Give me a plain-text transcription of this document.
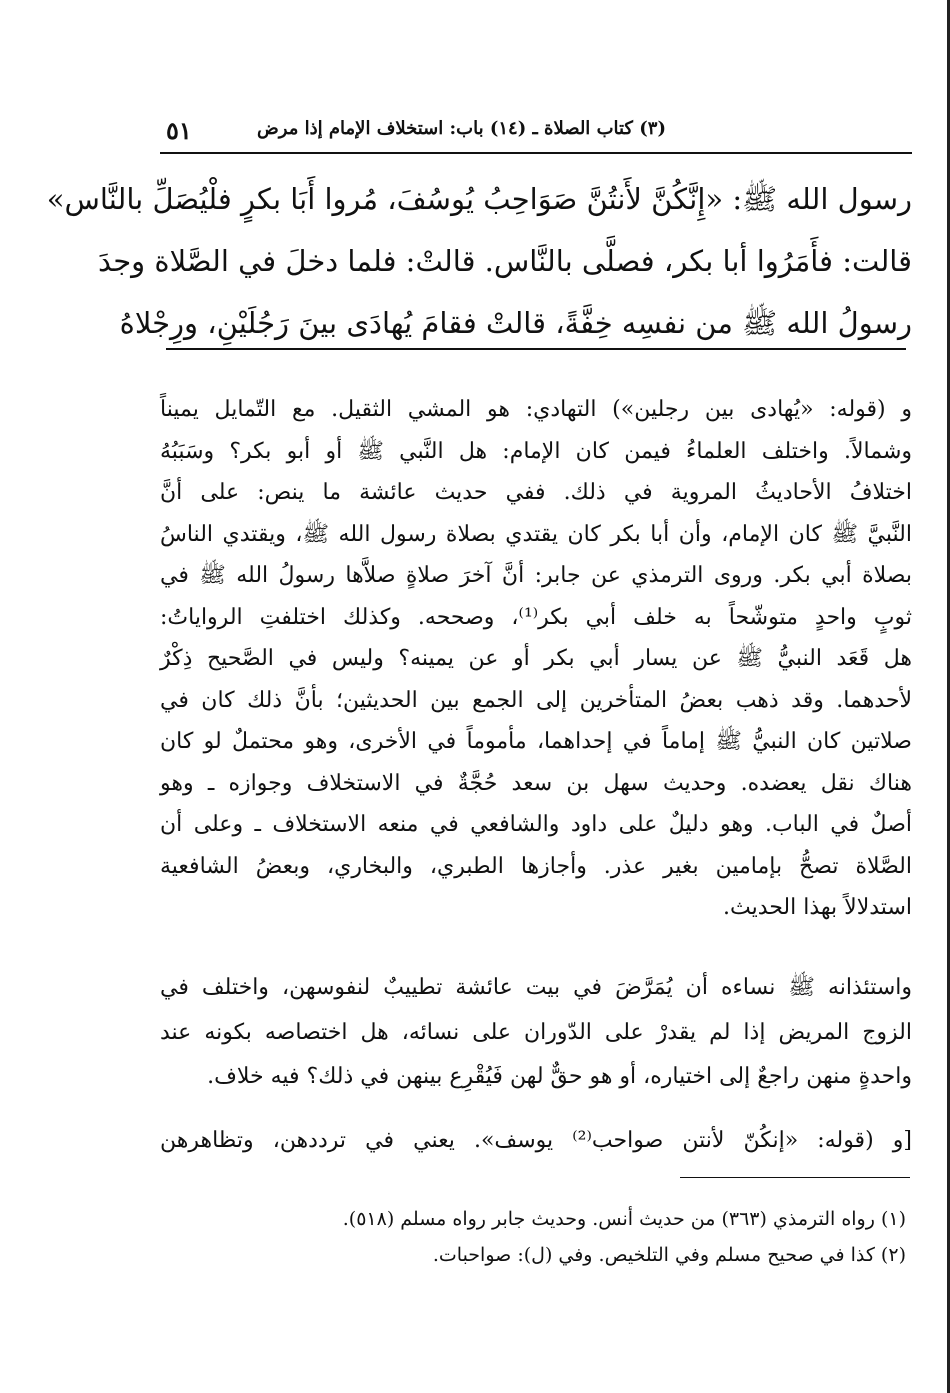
٥١	(٣) كتاب الصلاة ـ (١٤) باب: استخلاف الإمام إذا مرض
رسول الله ﷺ: «إِنَّكُنَّ لأَنتُنَّ صَوَاحِبُ يُوسُفَ، مُروا أَبَا بكرٍ فلْيُصَلِّ بالنَّاس»
قالت: فأَمَرُوا أبا بكر، فصلَّى بالنَّاس. قالتْ: فلما دخلَ في الصَّلاة وجدَ
رسولُ الله ﷺ من نفسِه خِفَّةً، قالتْ فقامَ يُهادَى بينَ رَجُلَيْنِ، ورِجْلاهُ
و (قوله: «يُهادى بين رجلين») التهادي: هو المشي الثقيل. مع التّمايل يميناً
وشمالاً. واختلف العلماءُ فيمن كان الإمام: هل النَّبي ﷺ أو أبو بكر؟ وسَبَبُهُ
اختلافُ الأحاديثُ المروية في ذلك. ففي حديث عائشة ما ينص: على أنَّ
النَّبيَّ ﷺ كان الإمام، وأن أبا بكر كان يقتدي بصلاة رسول الله ﷺ، ويقتدي الناسُ
بصلاة أبي بكر. وروى الترمذي عن جابر: أنَّ آخرَ صلاةٍ صلاَّها رسولُ الله ﷺ في
ثوبٍ واحدٍ متوشّحاً به خلف أبي بكر⁽¹⁾، وصححه. وكذلك اختلفتِ الرواياتُ:
هل قَعَد النبيُّ ﷺ عن يسار أبي بكر أو عن يمينه؟ وليس في الصَّحيح ذِكْرٌ
لأحدهما. وقد ذهب بعضُ المتأخرين إلى الجمع بين الحديثين؛ بأنَّ ذلك كان في
صلاتين كان النبيُّ ﷺ إماماً في إحداهما، مأموماً في الأخرى، وهو محتملٌ لو كان
هناك نقل يعضده. وحديث سهل بن سعد حُجَّةٌ في الاستخلاف وجوازه ـ وهو
أصلٌ في الباب. وهو دليلٌ على داود والشافعي في منعه الاستخلاف ـ وعلى أن
الصَّلاة تصحُّ بإمامين بغير عذر. وأجازها الطبري، والبخاري، وبعضُ الشافعية
استدلالاً بهذا الحديث.
واستئذانه ﷺ نساءه أن يُمَرَّضَ في بيت عائشة تطييبٌ لنفوسهن، واختلف في
الزوج المريض إذا لم يقدرْ على الدّوران على نسائه، هل اختصاصه بكونه عند
واحدةٍ منهن راجعٌ إلى اختياره، أو هو حقٌّ لهن فَيُقْرِع بينهن في ذلك؟ فيه خلاف.
[و (قوله: «إنكُنّ لأنتن صواحب⁽²⁾ يوسف». يعني في ترددهن، وتظاهرهن
(١) رواه الترمذي (٣٦٣) من حديث أنس. وحديث جابر رواه مسلم (٥١٨).
(٢) كذا في صحيح مسلم وفي التلخيص. وفي (ل): صواحبات.
